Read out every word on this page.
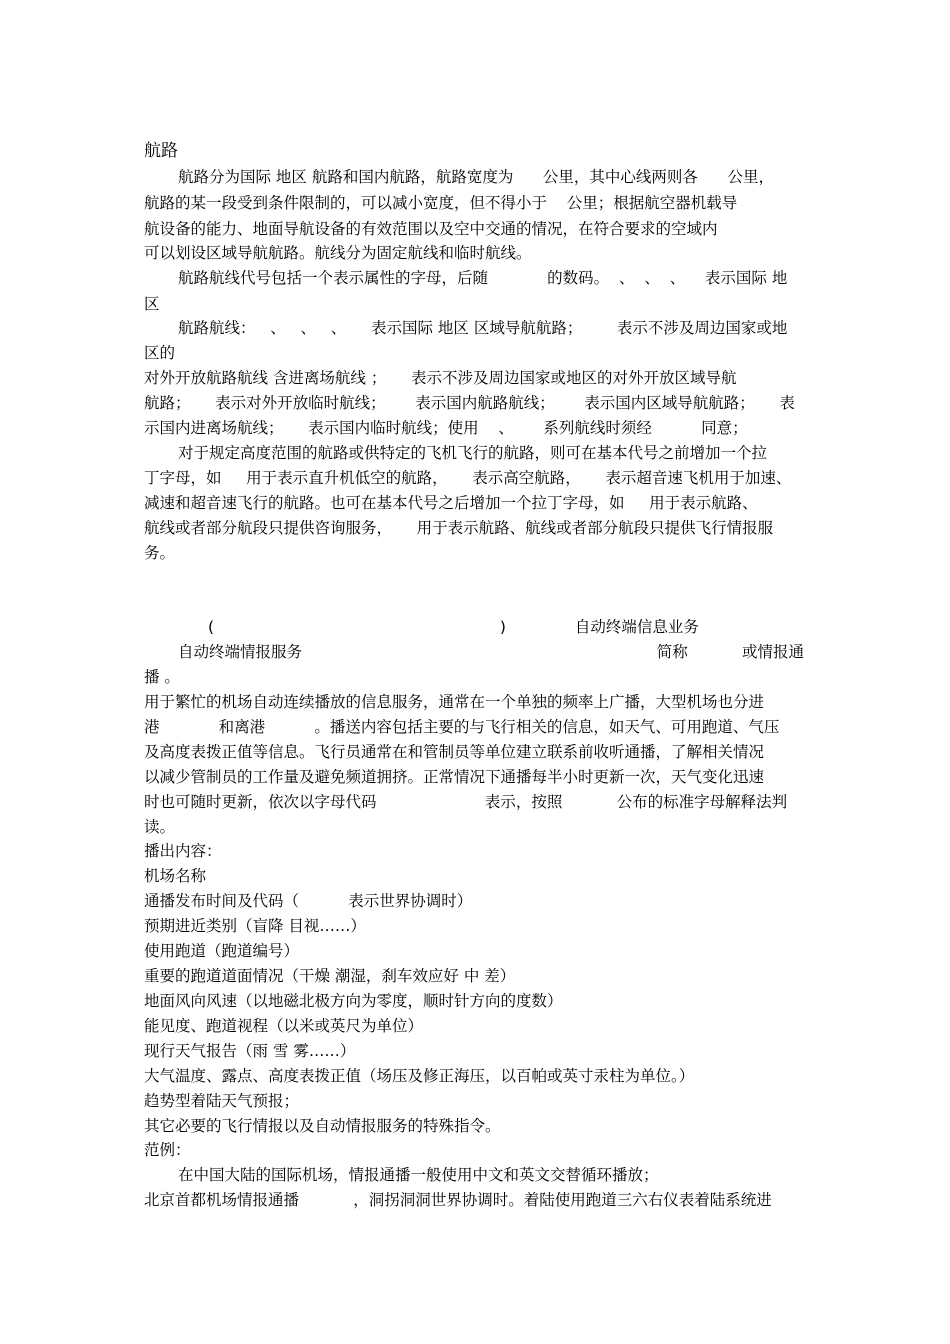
航路
航路分为国际 地区 航路和国内航路，航路宽度为      公里，其中心线两则各      公里，
航路的某一段受到条件限制的，可以减小宽度，但不得小于    公里；根据航空器机载导
航设备的能力、地面导航设备的有效范围以及空中交通的情况，在符合要求的空域内
可以划设区域导航航路。航线分为固定航线和临时航线。
航路航线代号包括一个表示属性的字母，后随            的数码。  、  、  、    表示国际 地
区
航路航线：   、   、   、     表示国际 地区 区域导航航路；       表示不涉及周边国家或地
区的
对外开放航路航线 含进离场航线 ；     表示不涉及周边国家或地区的对外开放区域导航
航路；     表示对外开放临时航线；      表示国内航路航线；      表示国内区域导航航路；     表
示国内进离场航线；     表示国内临时航线；使用    、      系列航线时须经          同意；
对于规定高度范围的航路或供特定的飞机飞行的航路，则可在基本代号之前增加一个拉
丁字母，如     用于表示直升机低空的航路，     表示高空航路，     表示超音速飞机用于加速、
减速和超音速飞行的航路。也可在基本代号之后增加一个拉丁字母，如     用于表示航路、
航线或者部分航段只提供咨询服务，     用于表示航路、航线或者部分航段只提供飞行情报服
务。
(                                                          )              自动终端信息业务
自动终端情报服务                                                                        简称           或情报通
播 。
用于繁忙的机场自动连续播放的信息服务，通常在一个单独的频率上广播，大型机场也分进
港            和离港          。播送内容包括主要的与飞行相关的信息，如天气、可用跑道、气压
及高度表拨正值等信息。飞行员通常在和管制员等单位建立联系前收听通播，了解相关情况
以减少管制员的工作量及避免频道拥挤。正常情况下通播每半小时更新一次，天气变化迅速
时也可随时更新，依次以字母代码                      表示，按照           公布的标准字母解释法判
读。
播出内容：
机场名称
通播发布时间及代码（          表示世界协调时）
预期进近类别（盲降 目视……）
使用跑道（跑道编号）
重要的跑道道面情况（干燥 潮湿，刹车效应好 中 差）
地面风向风速（以地磁北极方向为零度，顺时针方向的度数）
能见度、跑道视程（以米或英尺为单位）
现行天气报告（雨 雪 雾……）
大气温度、露点、高度表拨正值（场压及修正海压，以百帕或英寸汞柱为单位。）
趋势型着陆天气预报；
其它必要的飞行情报以及自动情报服务的特殊指令。
范例：
在中国大陆的国际机场，情报通播一般使用中文和英文交替循环播放；
北京首都机场情报通播           ，洞拐洞洞世界协调时。着陆使用跑道三六右仪表着陆系统进
